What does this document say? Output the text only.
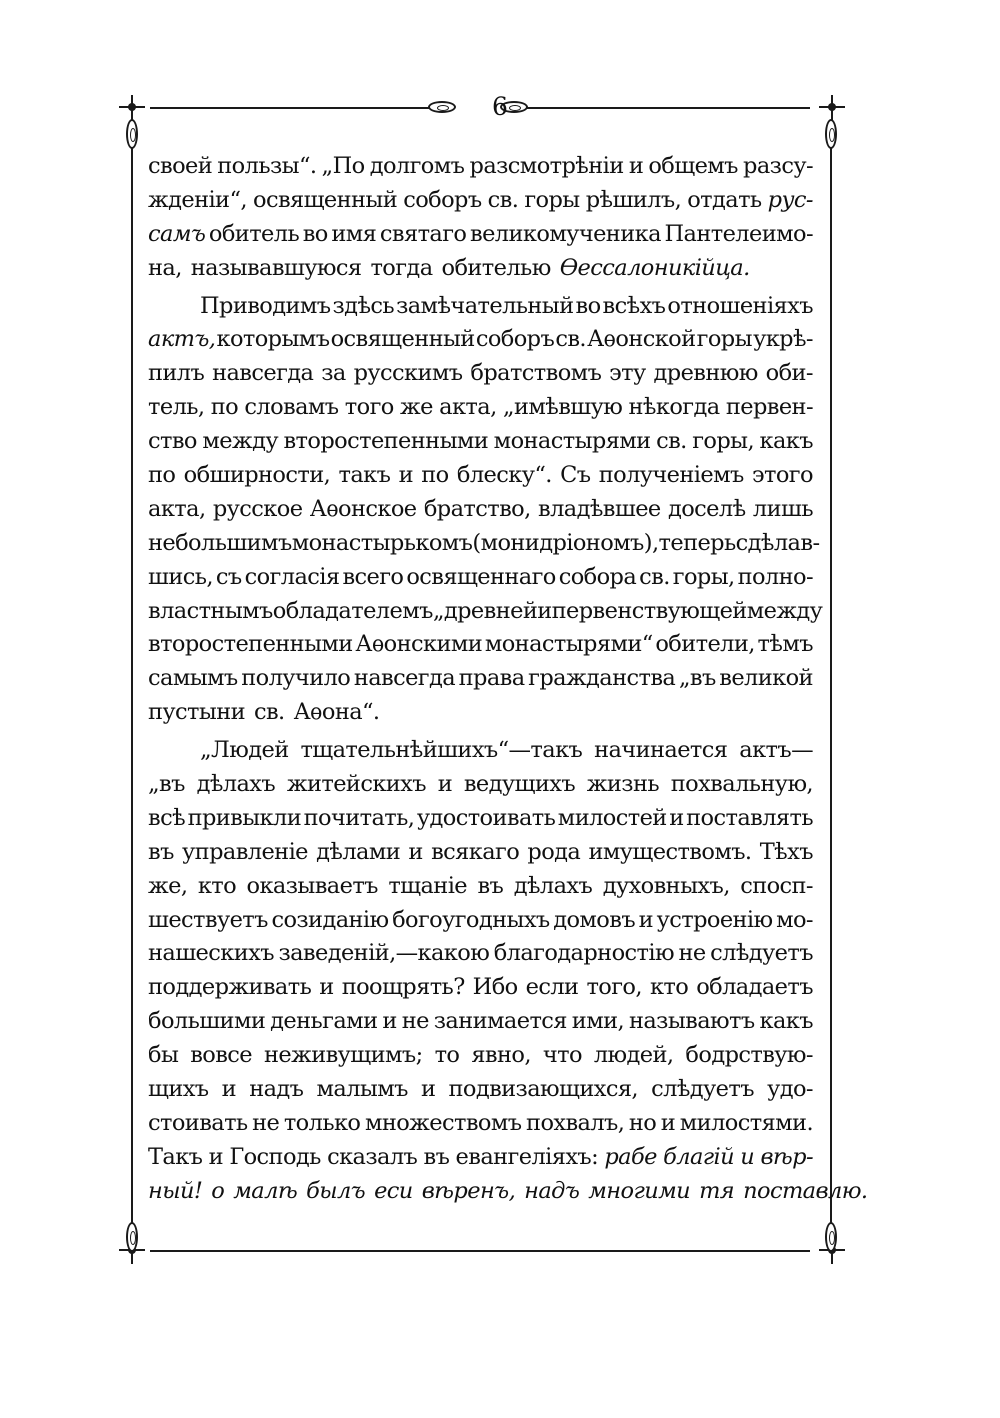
6
своей пользы“. „По долгомъ разсмотрѣніи и общемъ разсу-
жденіи“, освященный соборъ св. горы рѣшилъ, отдать рус-
самъ обитель во имя святаго великомученика Пантелеимо-
на, называвшуюся тогда обителью Ѳессалоникійца.
Приводимъ здѣсь замѣчательный во всѣхъ отношеніяхъ
актъ, которымъ освященный соборъ св. Аѳонской горы укрѣ-
пилъ навсегда за русскимъ братствомъ эту древнюю оби-
тель, по словамъ того же акта, „имѣвшую нѣкогда первен-
ство между второстепенными монастырями св. горы, какъ
по обширности, такъ и по блеску“. Съ полученіемъ этого
акта, русское Аѳонское братство, владѣвшее доселѣ лишь
небольшимъ монастырькомъ (монидріономъ), теперь сдѣлав-
шись, съ согласія всего освященнаго собора св. горы, полно-
властнымъ обладателемъ „древней и первенствующей между
второстепенными Аѳонскими монастырями“ обители, тѣмъ
самымъ получило навсегда права гражданства „въ великой
пустыни св. Аѳона“.
„Людей тщательнѣйшихъ“—такъ начинается актъ—
„въ дѣлахъ житейскихъ и ведущихъ жизнь похвальную,
всѣ привыкли почитать, удостоивать милостей и поставлять
въ управленіе дѣлами и всякаго рода имуществомъ. Тѣхъ
же, кто оказываетъ тщаніе въ дѣлахъ духовныхъ, спосп-
шествуетъ созиданію богоугодныхъ домовъ и устроенію мо-
нашескихъ заведеній,—какою благодарностію не слѣдуетъ
поддерживать и поощрять? Ибо если того, кто обладаетъ
большими деньгами и не занимается ими, называютъ какъ
бы вовсе неживущимъ; то явно, что людей, бодрствую-
щихъ и надъ малымъ и подвизающихся, слѣдуетъ удо-
стоивать не только множествомъ похвалъ, но и милостями.
Такъ и Господь сказалъ въ евангеліяхъ: рабе благій и вѣр-
ный! о малѣ былъ еси вѣренъ, надъ многими тя поставлю.
